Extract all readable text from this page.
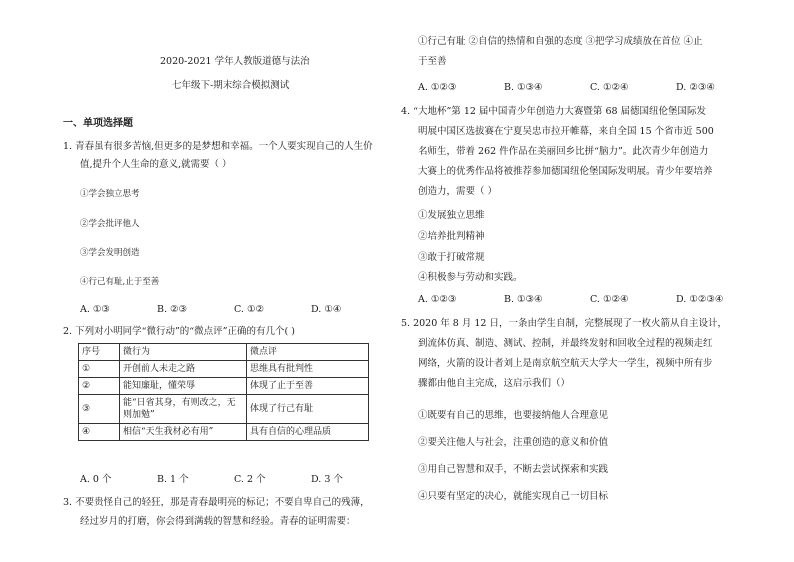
2020-2021 学年人教版道德与法治
七年级下-期末综合模拟测试
一、单项选择题
1. 青春虽有很多苦恼,但更多的是梦想和幸福。一个人要实现自己的人生价
值,提升个人生命的意义,就需要（ ）
①学会独立思考
②学会批评他人
③学会发明创造
④行己有耻,止于至善
A. ①③	B. ②③	C. ①②	D. ①④
2. 下列对小明同学“微行动”的“微点评”正确的有几个( )
序号	微行为	微点评
①	开创前人未走之路	思维具有批判性
②	能知廉耻，懂荣辱	体现了止于至善
③	能“日省其身，有则改之，无则加勉”	体现了行己有耻
④	相信“天生我材必有用”	具有自信的心理品质
A. 0 个	B. 1 个	C. 2 个	D. 3 个
3. 不要贵怪自己的轻狂，那是青春最明亮的标记；不要自卑自己的残薄，
经过岁月的打磨，你会得到满载的智慧和经验。青春的证明需要：
①行己有耻 ②自信的热情和自强的态度 ③把学习成绩放在首位 ④止
于至善
A. ①②③	B. ①③④	C. ①②④	D. ②③④
4. “大地杯”第 12 届中国青少年创造力大赛暨第 68 届德国纽伦堡国际发
明展中国区选拔赛在宁夏吴忠市拉开帷幕，来自全国 15 个省市近 500
名师生，带着 262 件作品在美丽回乡比拼“脑力”。此次青少年创造力
大赛上的优秀作品将被推荐参加德国纽伦堡国际发明展。青少年要培养
创造力，需要（ ）
①发展独立思维
②培养批判精神
③敢于打破常规
④积极参与劳动和实践。
A. ①②③	B. ①③④	C. ①②④	D. ①②③④
5. 2020 年 8 月 12 日，一条由学生自制，完整展现了一枚火箭从自主设计，
到流体仿真、制造、测试、控制，并最终发射和回收全过程的视频走红
网络，火箭的设计者刘上是南京航空航天大学大一学生，视频中所有步
骤都由他自主完成，这启示我们（）
①既要有自己的思维，也要接纳他人合理意见
②要关注他人与社会，注重创造的意义和价值
③用自己智慧和双手，不断去尝试探索和实践
④只要有坚定的决心，就能实现自己一切目标
